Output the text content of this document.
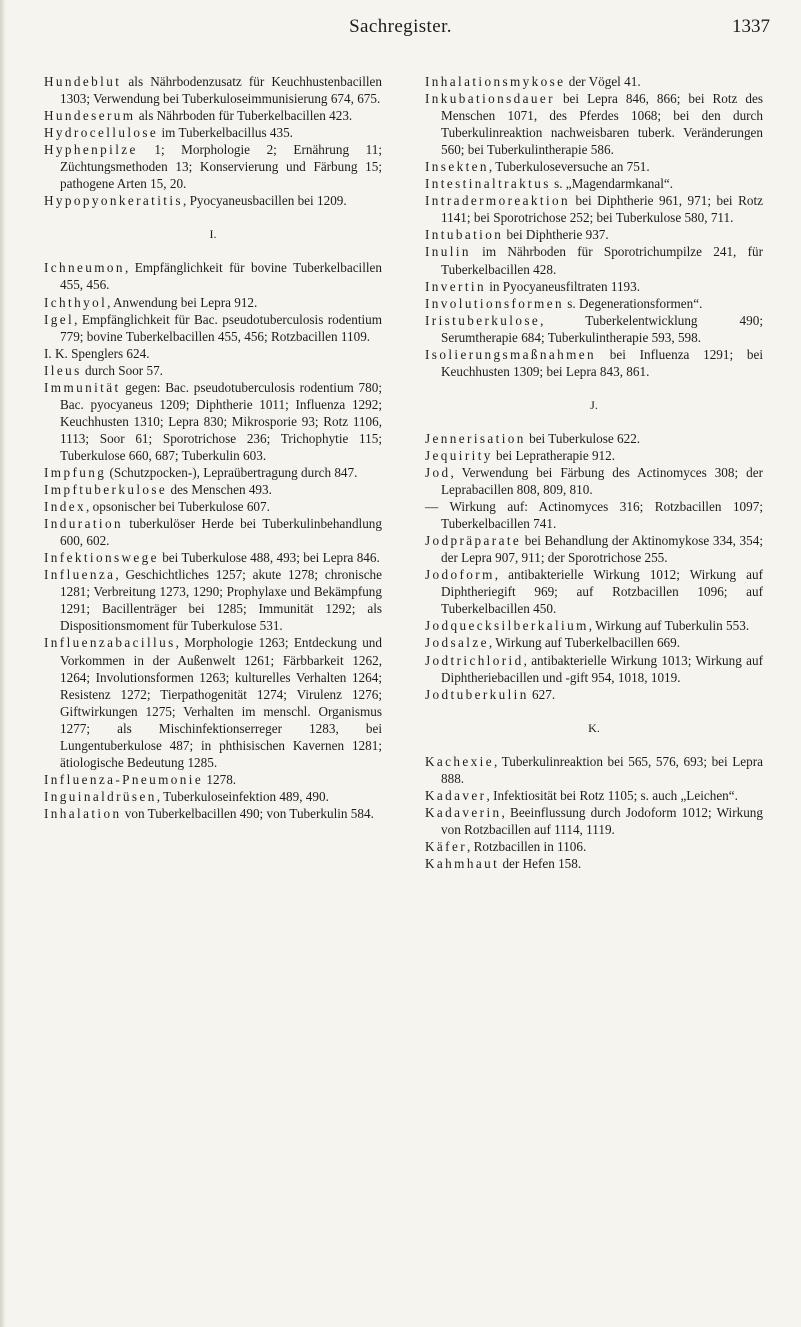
Sachregister.	1337

Hundeblut als Nährbodenzusatz für Keuchhustenbacillen 1303; Verwendung bei Tuberkuloseimmunisierung 674, 675.

Hundeserum als Nährboden für Tuberkelbacillen 423.

Hydrocellulose im Tuberkelbacillus 435.

Hyphenpilze 1; Morphologie 2; Ernährung 11; Züchtungsmethoden 13; Konservierung und Färbung 15; pathogene Arten 15, 20.

Hypopyonkeratitis, Pyocyaneusbacillen bei 1209.

I.

Ichneumon, Empfänglichkeit für bovine Tuberkelbacillen 455, 456.

Ichthyol, Anwendung bei Lepra 912.

Igel, Empfänglichkeit für Bac. pseudotuberculosis rodentium 779; bovine Tuberkelbacillen 455, 456; Rotzbacillen 1109.

I. K. Spenglers 624.

Ileus durch Soor 57.

Immunität gegen: Bac. pseudotuberculosis rodentium 780; Bac. pyocyaneus 1209; Diphtherie 1011; Influenza 1292; Keuchhusten 1310; Lepra 830; Mikrosporie 93; Rotz 1106, 1113; Soor 61; Sporotrichose 236; Trichophytie 115; Tuberkulose 660, 687; Tuberkulin 603.

Impfung (Schutzpocken-), Lepraübertragung durch 847.

Impftuberkulose des Menschen 493.

Index, opsonischer bei Tuberkulose 607.

Induration tuberkulöser Herde bei Tuberkulinbehandlung 600, 602.

Infektionswege bei Tuberkulose 488, 493; bei Lepra 846.

Influenza, Geschichtliches 1257; akute 1278; chronische 1281; Verbreitung 1273, 1290; Prophylaxe und Bekämpfung 1291; Bacillenträger bei 1285; Immunität 1292; als Dispositionsmoment für Tuberkulose 531.

Influenzabacillus, Morphologie 1263; Entdeckung und Vorkommen in der Außenwelt 1261; Färbbarkeit 1262, 1264; Involutionsformen 1263; kulturelles Verhalten 1264; Resistenz 1272; Tierpathogenität 1274; Virulenz 1276; Giftwirkungen 1275; Verhalten im menschl. Organismus 1277; als Mischinfektionserreger 1283, bei Lungentuberkulose 487; in phthisischen Kavernen 1281; ätiologische Bedeutung 1285.

Influenza-Pneumonie 1278.

Inguinaldrüsen, Tuberkuloseinfektion 489, 490.

Inhalation von Tuberkelbacillen 490; von Tuberkulin 584.

Inhalationsmykose der Vögel 41.

Inkubationsdauer bei Lepra 846, 866; bei Rotz des Menschen 1071, des Pferdes 1068; bei den durch Tuberkulinreaktion nachweisbaren tuberk. Veränderungen 560; bei Tuberkulintherapie 586.

Insekten, Tuberkuloseversuche an 751.

Intestinaltraktus s. „Magendarmkanal“.

Intradermoreaktion bei Diphtherie 961, 971; bei Rotz 1141; bei Sporotrichose 252; bei Tuberkulose 580, 711.

Intubation bei Diphtherie 937.

Inulin im Nährboden für Sporotrichumpilze 241, für Tuberkelbacillen 428.

Invertin in Pyocyaneusfiltraten 1193.

Involutionsformen s. Degenerationsformen“.

Iristuberkulose, Tuberkelentwicklung 490; Serumtherapie 684; Tuberkulintherapie 593, 598.

Isolierungsmaßnahmen bei Influenza 1291; bei Keuchhusten 1309; bei Lepra 843, 861.

J.

Jennerisation bei Tuberkulose 622.

Jequirity bei Lepratherapie 912.

Jod, Verwendung bei Färbung des Actinomyces 308; der Leprabacillen 808, 809, 810.

— Wirkung auf: Actinomyces 316; Rotzbacillen 1097; Tuberkelbacillen 741.

Jodpräparate bei Behandlung der Aktinomykose 334, 354; der Lepra 907, 911; der Sporotrichose 255.

Jodoform, antibakterielle Wirkung 1012; Wirkung auf Diphtheriegift 969; auf Rotzbacillen 1096; auf Tuberkelbacillen 450.

Jodquecksilberkalium, Wirkung auf Tuberkulin 553.

Jodsalze, Wirkung auf Tuberkelbacillen 669.

Jodtrichlorid, antibakterielle Wirkung 1013; Wirkung auf Diphtheriebacillen und -gift 954, 1018, 1019.

Jodtuberkulin 627.

K.

Kachexie, Tuberkulinreaktion bei 565, 576, 693; bei Lepra 888.

Kadaver, Infektiosität bei Rotz 1105; s. auch „Leichen“.

Kadaverin, Beeinflussung durch Jodoform 1012; Wirkung von Rotzbacillen auf 1114, 1119.

Käfer, Rotzbacillen in 1106.

Kahmhaut der Hefen 158.
